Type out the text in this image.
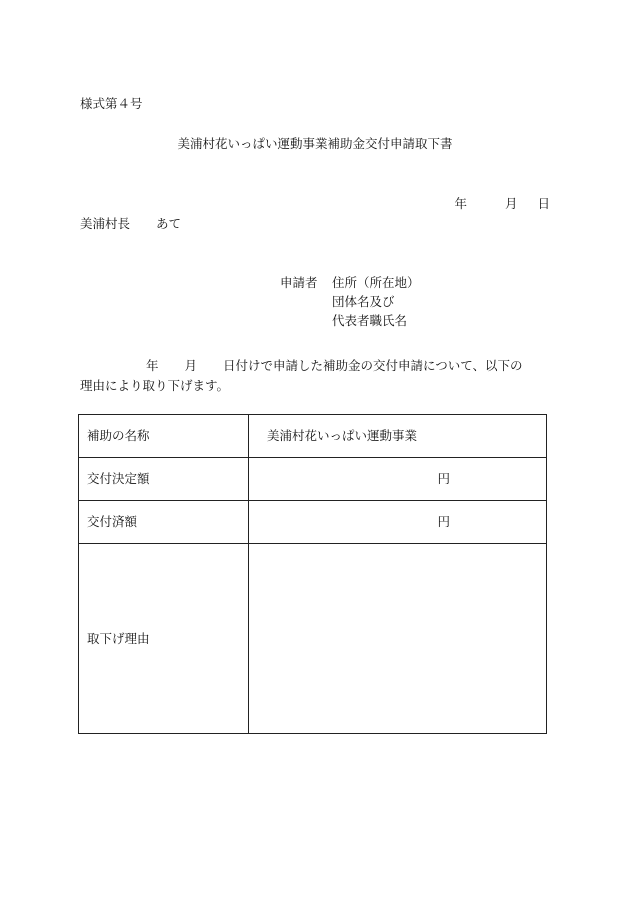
様式第４号
美浦村花いっぱい運動事業補助金交付申請取下書
年	月 日
美浦村長 あて
申請者 住所（所在地）
団体名及び
代表者職氏名
年 月 日付けで申請した補助金の交付申請について、以下の
理由により取り下げます。
補助の名称	美浦村花いっぱい運動事業
交付決定額	円
交付済額	円
取下げ理由	
